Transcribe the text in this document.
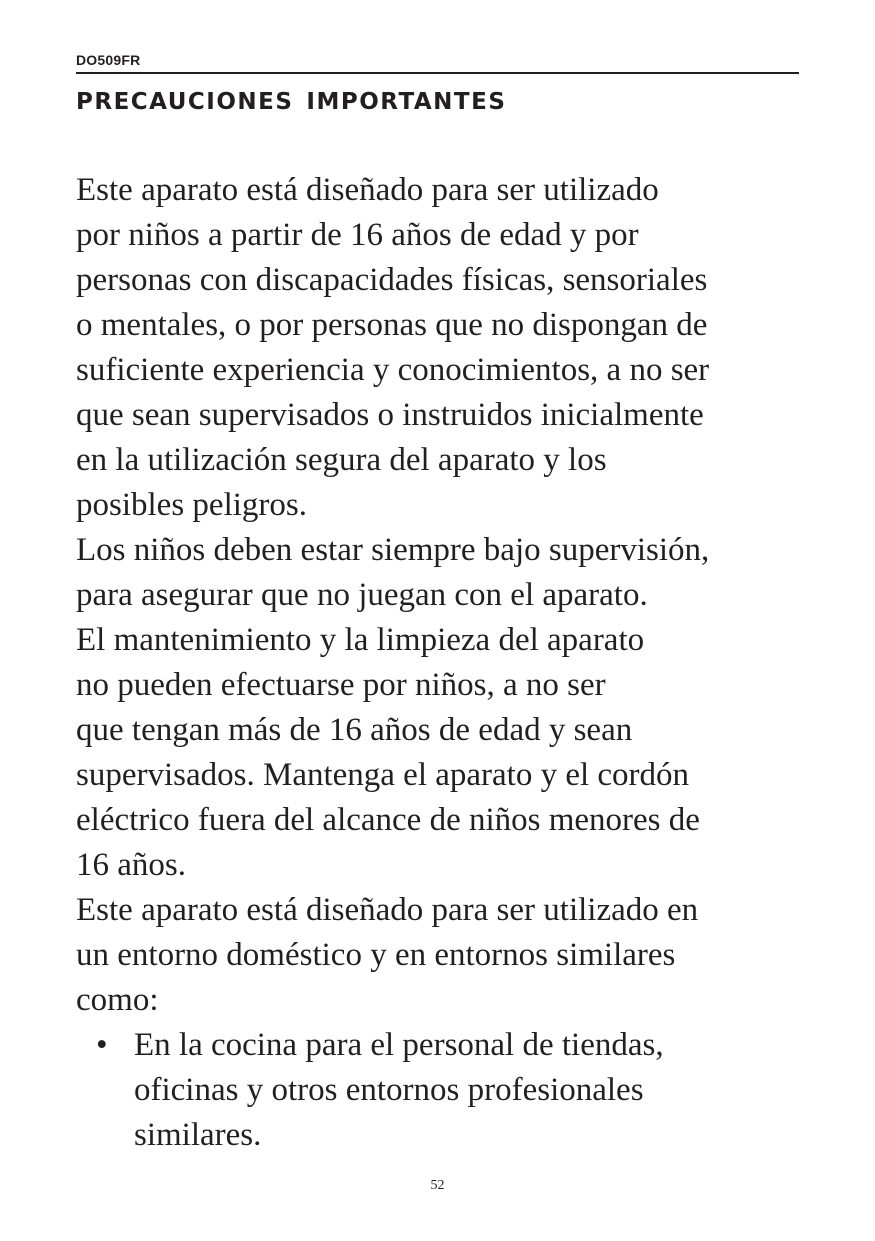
DO509FR
precauciones importantes
Este aparato está diseñado para ser utilizado
por niños a partir de 16 años de edad y por
personas con discapacidades físicas, sensoriales
o mentales, o por personas que no dispongan de
suficiente experiencia y conocimientos, a no ser
que sean supervisados o instruidos inicialmente
en la utilización segura del aparato y los
posibles peligros.
Los niños deben estar siempre bajo supervisión,
para asegurar que no juegan con el aparato.
El mantenimiento y la limpieza del aparato
no pueden efectuarse por niños, a no ser
que tengan más de 16 años de edad y sean
supervisados. Mantenga el aparato y el cordón
eléctrico fuera del alcance de niños menores de
16 años.
Este aparato está diseñado para ser utilizado en
un entorno doméstico y en entornos similares
como:
• En la cocina para el personal de tiendas,
oficinas y otros entornos profesionales
similares.
52
